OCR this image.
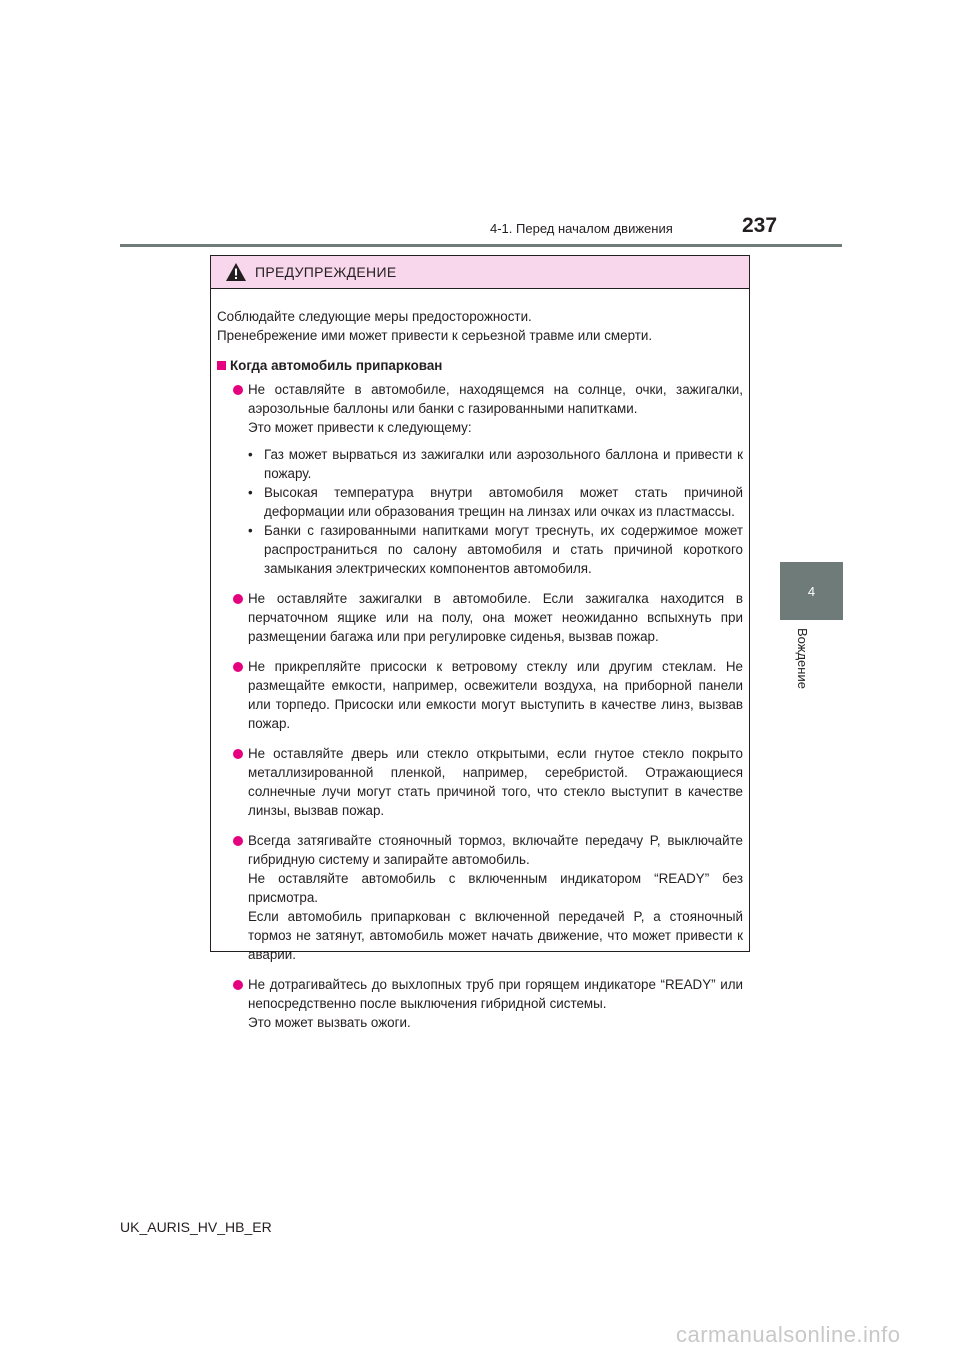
4-1. Перед началом движения	237
4
Вождение
ПРЕДУПРЕЖДЕНИЕ

Соблюдайте следующие меры предосторожности.

Пренебрежение ими может привести к серьезной травме или смерти.

Когда автомобиль припаркован

Не оставляйте в автомобиле, находящемся на солнце, очки, зажигалки, аэрозольные баллоны или банки с газированными напитками.

Это может привести к следующему:

• Газ может вырваться из зажигалки или аэрозольного баллона и привести к пожару.
• Высокая температура внутри автомобиля может стать причиной деформации или образования трещин на линзах или очках из пластмассы.
• Банки с газированными напитками могут треснуть, их содержимое может распространиться по салону автомобиля и стать причиной короткого замыкания электрических компонентов автомобиля.

Не оставляйте зажигалки в автомобиле. Если зажигалка находится в перчаточном ящике или на полу, она может неожиданно вспыхнуть при размещении багажа или при регулировке сиденья, вызвав пожар.

Не прикрепляйте присоски к ветровому стеклу или другим стеклам. Не размещайте емкости, например, освежители воздуха, на приборной панели или торпедо. Присоски или емкости могут выступить в качестве линз, вызвав пожар.

Не оставляйте дверь или стекло открытыми, если гнутое стекло покрыто металлизированной пленкой, например, серебристой. Отражающиеся солнечные лучи могут стать причиной того, что стекло выступит в качестве линзы, вызвав пожар.

Всегда затягивайте стояночный тормоз, включайте передачу P, выключайте гибридную систему и запирайте автомобиль.

Не оставляйте автомобиль с включенным индикатором “READY” без присмотра.

Если автомобиль припаркован с включенной передачей P, а стояночный тормоз не затянут, автомобиль может начать движение, что может привести к аварии.

Не дотрагивайтесь до выхлопных труб при горящем индикаторе “READY” или непосредственно после выключения гибридной системы.

Это может вызвать ожоги.

UK_AURIS_HV_HB_ER
carmanualsonline.info
